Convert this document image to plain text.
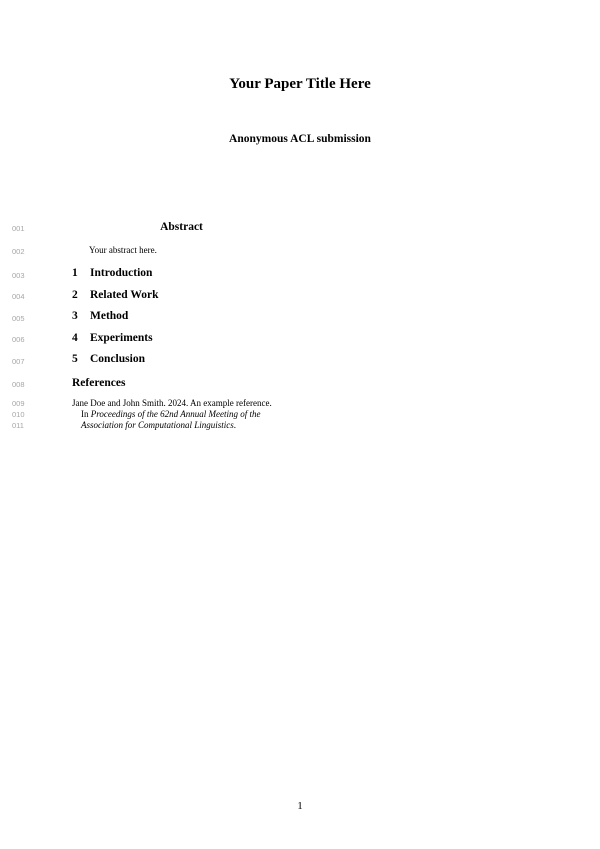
Your Paper Title Here
Anonymous ACL submission
001
002
003
004
005
006
007
008
009
010
011
Abstract
Your abstract here.
1 Introduction
2 Related Work
3 Method
4 Experiments
5 Conclusion
References
Jane Doe and John Smith. 2024. An example reference.
In Proceedings of the 62nd Annual Meeting of the
Association for Computational Linguistics.
1
